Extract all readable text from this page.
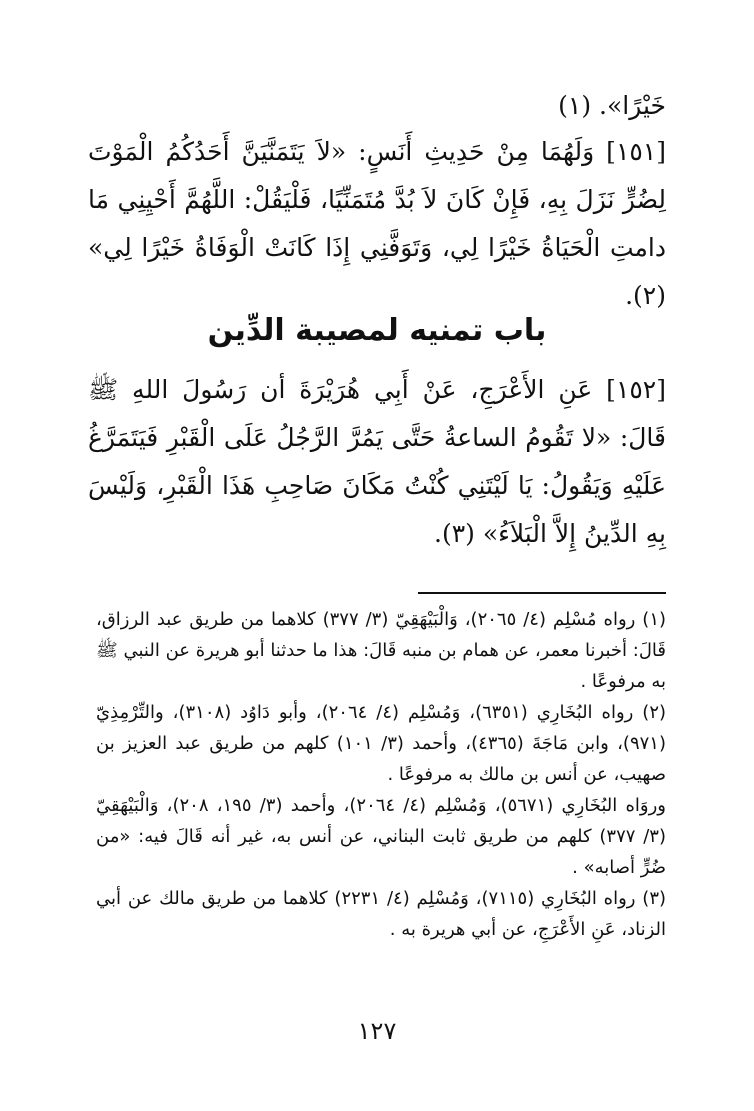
خَيْرًا». (١)

[١٥١] وَلَهُمَا مِنْ حَدِيثِ أَنَسٍ: «لاَ يَتَمَنَّيَنَّ أَحَدُكُمُ الْمَوْتَ لِضُرٍّ نَزَلَ بِهِ، فَإِنْ كَانَ لاَ بُدَّ مُتَمَنِّيًا، فَلْيَقُلْ: اللَّهُمَّ أَحْيِنِي مَا دامتِ الْحَيَاةُ خَيْرًا لِي، وَتَوَفَّنِي إِذَا كَانَتْ الْوَفَاةُ خَيْرًا لِي» (٢).

باب تمنيه لمصيبة الدِّين

[١٥٢] عَنِ الأَعْرَجِ، عَنْ أَبِي هُرَيْرَةَ أن رَسُولَ اللهِ ﷺ قَالَ: «لا تَقُومُ الساعةُ حَتَّى يَمُرَّ الرَّجُلُ عَلَى الْقَبْرِ فَيَتَمَرَّغُ عَلَيْهِ وَيَقُولُ: يَا لَيْتَنِي كُنْتُ مَكَانَ صَاحِبِ هَذَا الْقَبْرِ، وَلَيْسَ بِهِ الدِّينُ إِلاَّ الْبَلاَءُ» (٣).

(١) رواه مُسْلِم (٤/ ٢٠٦٥)، وَالْبَيْهَقِيّ (٣/ ٣٧٧) كلاهما من طريق عبد الرزاق، قَالَ: أخبرنا معمر، عن همام بن منبه قَالَ: هذا ما حدثنا أبو هريرة عن النبي ﷺ به مرفوعًا .

(٢) رواه البُخَارِي (٦٣٥١)، وَمُسْلِم (٤/ ٢٠٦٤)، وأبو دَاوُد (٣١٠٨)، والتِّرْمِذِيّ (٩٧١)، وابن مَاجَةَ (٤٣٦٥)، وأحمد (٣/ ١٠١) كلهم من طريق عبد العزيز بن صهيب، عن أنس بن مالك به مرفوعًا .

وروَاه البُخَارِي (٥٦٧١)، وَمُسْلِم (٤/ ٢٠٦٤)، وأحمد (٣/ ١٩٥، ٢٠٨)، وَالْبَيْهَقِيّ (٣/ ٣٧٧) كلهم من طريق ثابت البناني، عن أنس به، غير أنه قَالَ فيه: «من ضُرٍّ أصابه» .

(٣) رواه البُخَارِي (٧١١٥)، وَمُسْلِم (٤/ ٢٢٣١) كلاهما من طريق مالك عن أبي الزناد، عَنِ الأَعْرَجِ، عن أبي هريرة به .

١٢٧
